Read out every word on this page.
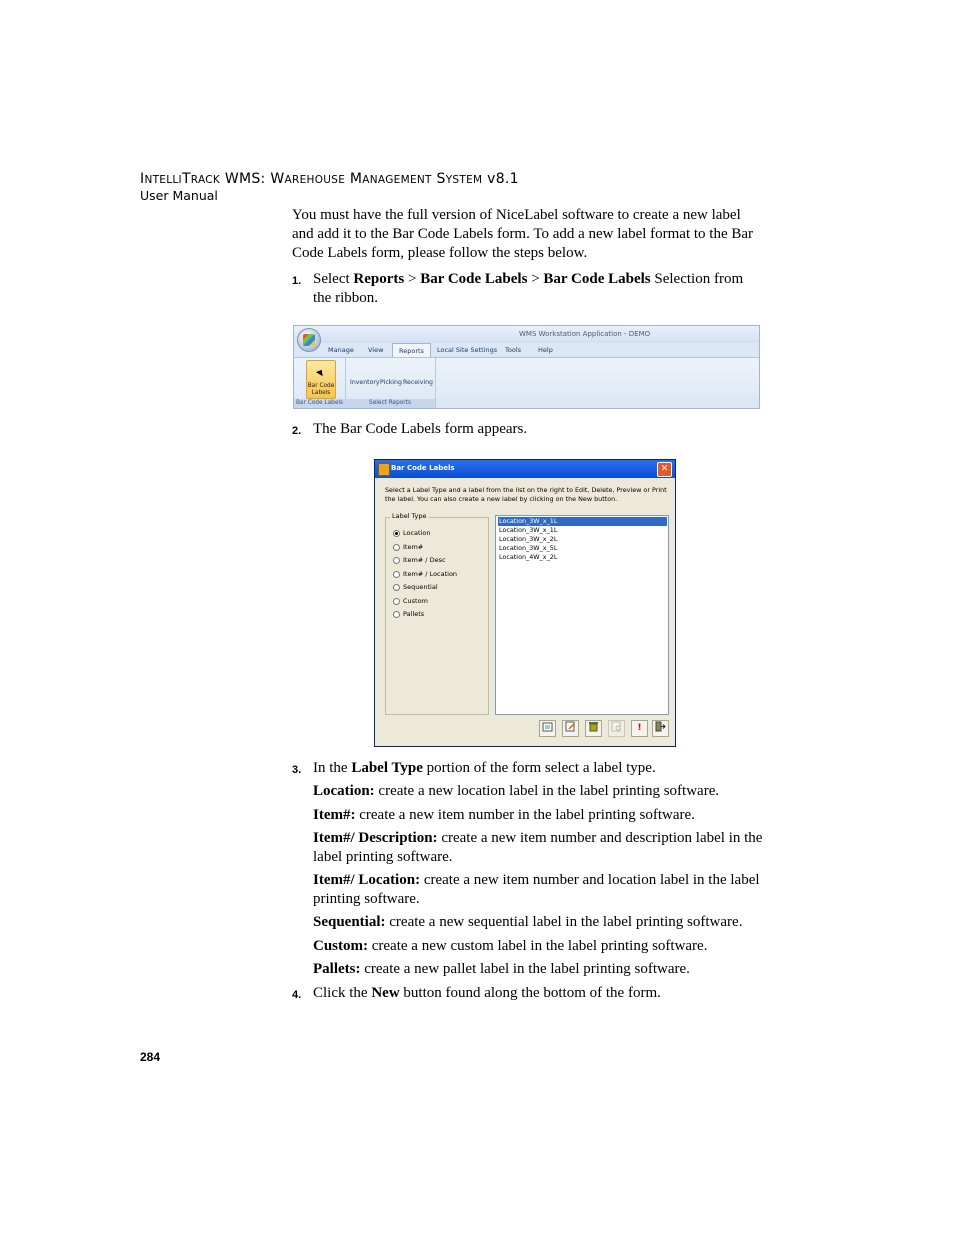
INTELLITRACK WMS: WAREHOUSE MANAGEMENT SYSTEM v8.1
User Manual
You must have the full version of NiceLabel software to create a new label and add it to the Bar Code Labels form. To add a new label format to the Bar Code Labels form, please follow the steps below.
1. Select Reports > Bar Code Labels > Bar Code Labels Selection from the ribbon.
WMS Workstation Application - DEMO
Manage View	Reports	Local Site Settings Tools	Help
Bar Code Labels
Bar Code Labels
Inventory Picking Receiving
Select Reports
2. The Bar Code Labels form appears.
Bar Code Labels	✕
Select a Label Type and a label from the list on the right to Edit, Delete, Preview or Print the label. You can also create a new label by clicking on the New button.
Label Type
Location
Item#
Item# / Desc
Item# / Location
Sequential
Custom
Pallets
Location_3W_x_1L
Location_3W_x_1L
Location_3W_x_2L
Location_3W_x_5L
Location_4W_x_2L
!
3. In the Label Type portion of the form select a label type.
Location: create a new location label in the label printing software.
Item#: create a new item number in the label printing software.
Item#/ Description: create a new item number and description label in the label printing software.
Item#/ Location: create a new item number and location label in the label printing software.
Sequential: create a new sequential label in the label printing software.
Custom: create a new custom label in the label printing software.
Pallets: create a new pallet label in the label printing software.
4. Click the New button found along the bottom of the form.
284
